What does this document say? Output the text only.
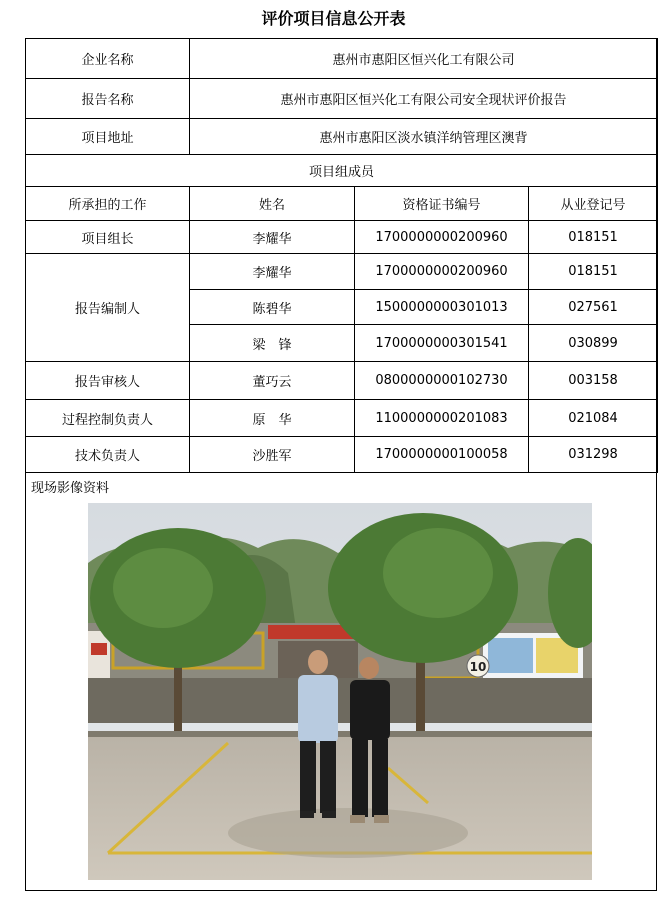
评价项目信息公开表
企业名称	惠州市惠阳区恒兴化工有限公司		
报告名称	惠州市惠阳区恒兴化工有限公司安全现状评价报告		
项目地址	惠州市惠阳区淡水镇洋纳管理区澳背		
项目组成员			
所承担的工作	姓名	资格证书编号	从业登记号
项目组长	李耀华	1700000000200960	018151
报告编制人	李耀华	1700000000200960	018151
	陈碧华	1500000000301013	027561
	梁　锋	1700000000301541	030899
报告审核人	董巧云	0800000000102730	003158
过程控制负责人	原　华	1100000000201083	021084
技术负责人	沙胜军	1700000000100058	031298
现场影像资料
10
